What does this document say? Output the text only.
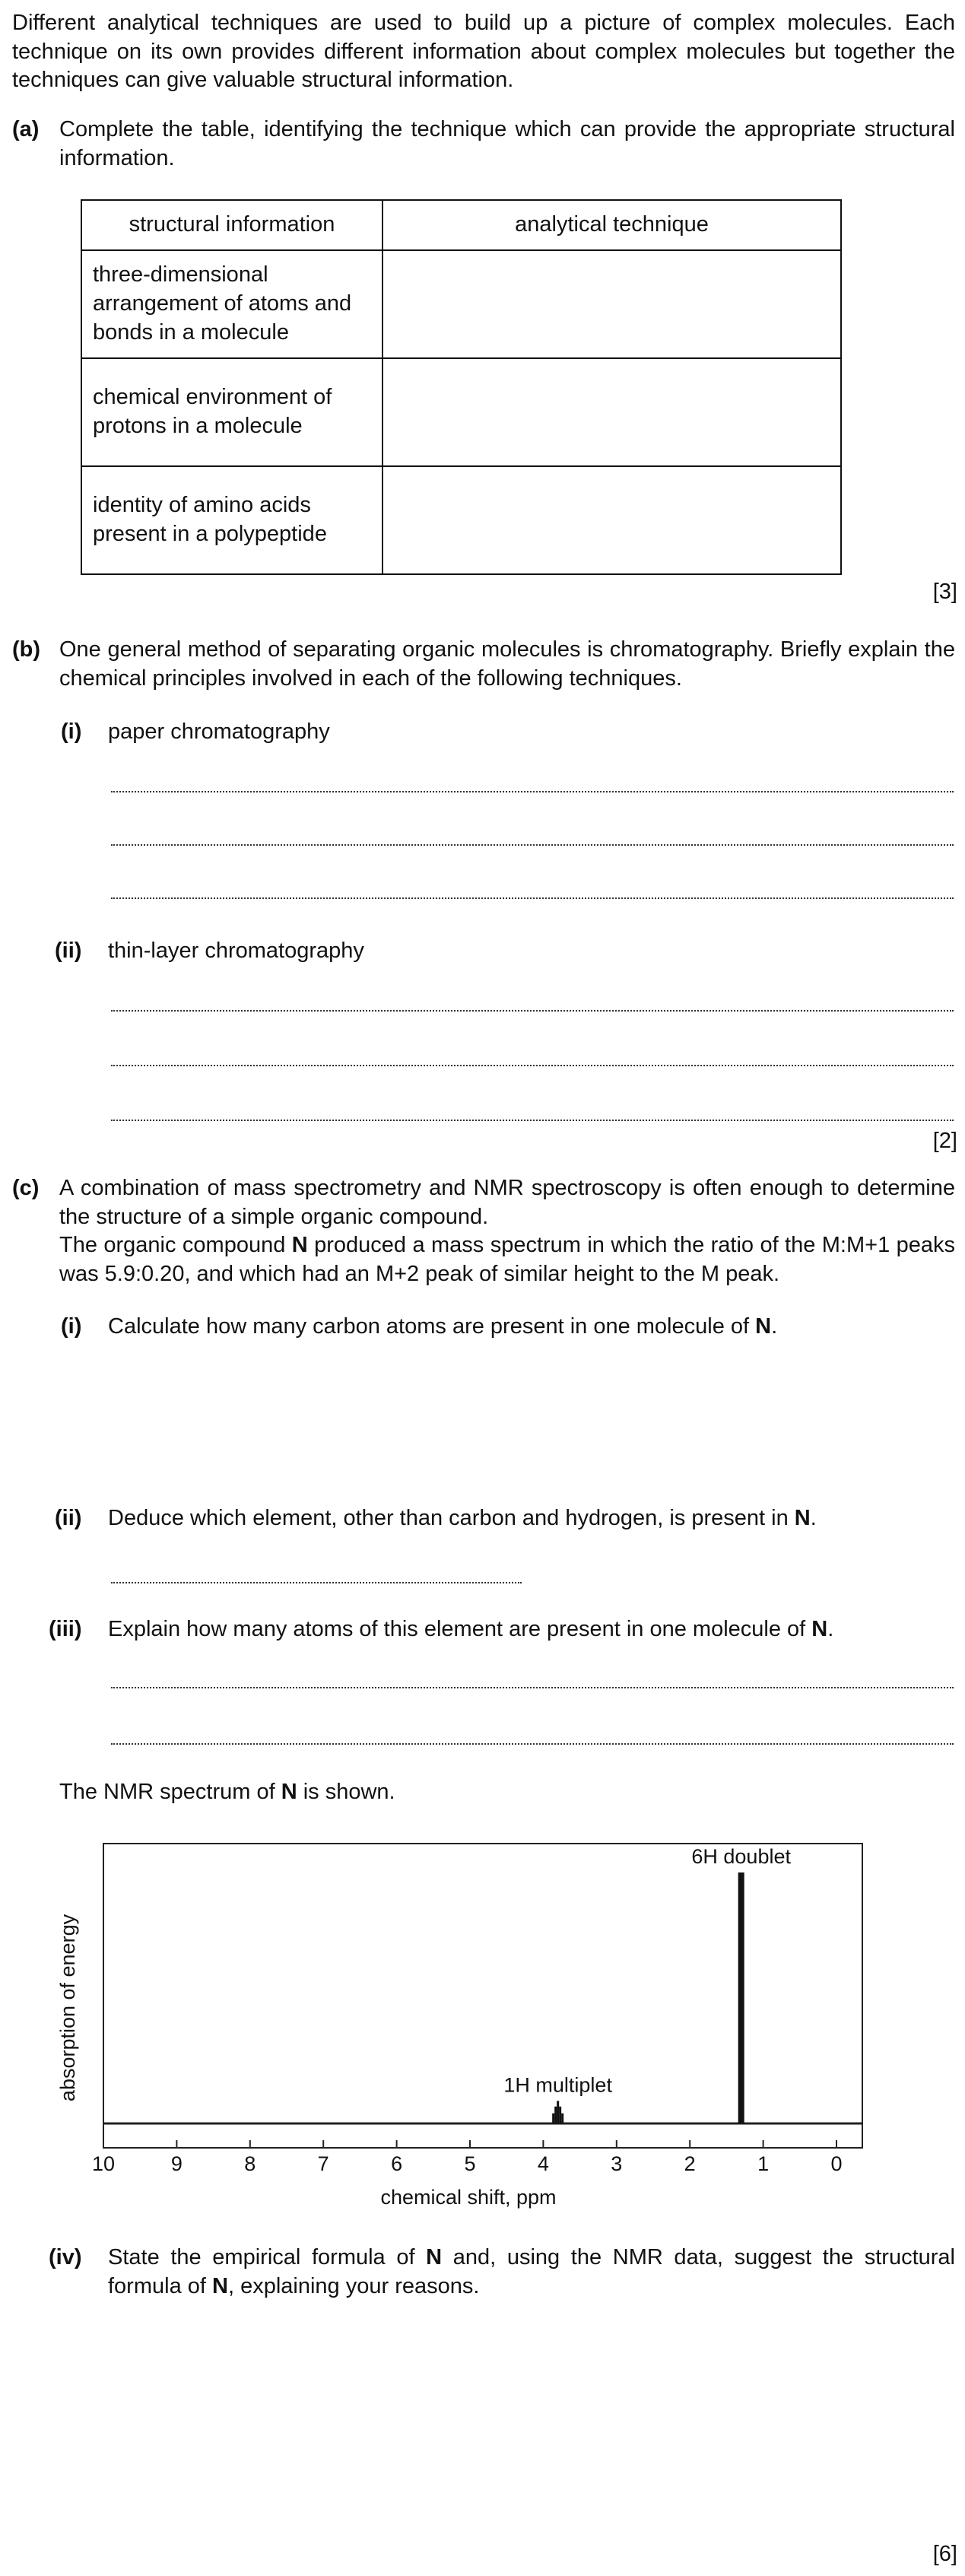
Different analytical techniques are used to build up a picture of complex molecules. Each technique on its own provides different information about complex molecules but together the techniques can give valuable structural information.
(a) Complete the table, identifying the technique which can provide the appropriate structural information.
structural information	analytical technique
three-dimensional arrangement of atoms and bonds in a molecule	
chemical environment of protons in a molecule	
identity of amino acids present in a polypeptide	
[3]
(b) One general method of separating organic molecules is chromatography. Briefly explain the chemical principles involved in each of the following techniques.
(i) paper chromatography
(ii) thin-layer chromatography
[2]
(c) A combination of mass spectrometry and NMR spectroscopy is often enough to determine the structure of a simple organic compound.
The organic compound N produced a mass spectrum in which the ratio of the M:M+1 peaks was 5.9:0.20, and which had an M+2 peak of similar height to the M peak.
(i) Calculate how many carbon atoms are present in one molecule of N.
(ii) Deduce which element, other than carbon and hydrogen, is present in N.
(iii) Explain how many atoms of this element are present in one molecule of N.
The NMR spectrum of N is shown.
10	9	8	7	6	5	4	3	2	1	0
1H multiplet
6H doublet
absorption of energy
chemical shift, ppm
(iv) State the empirical formula of N and, using the NMR data, suggest the structural formula of N, explaining your reasons.
[6]
